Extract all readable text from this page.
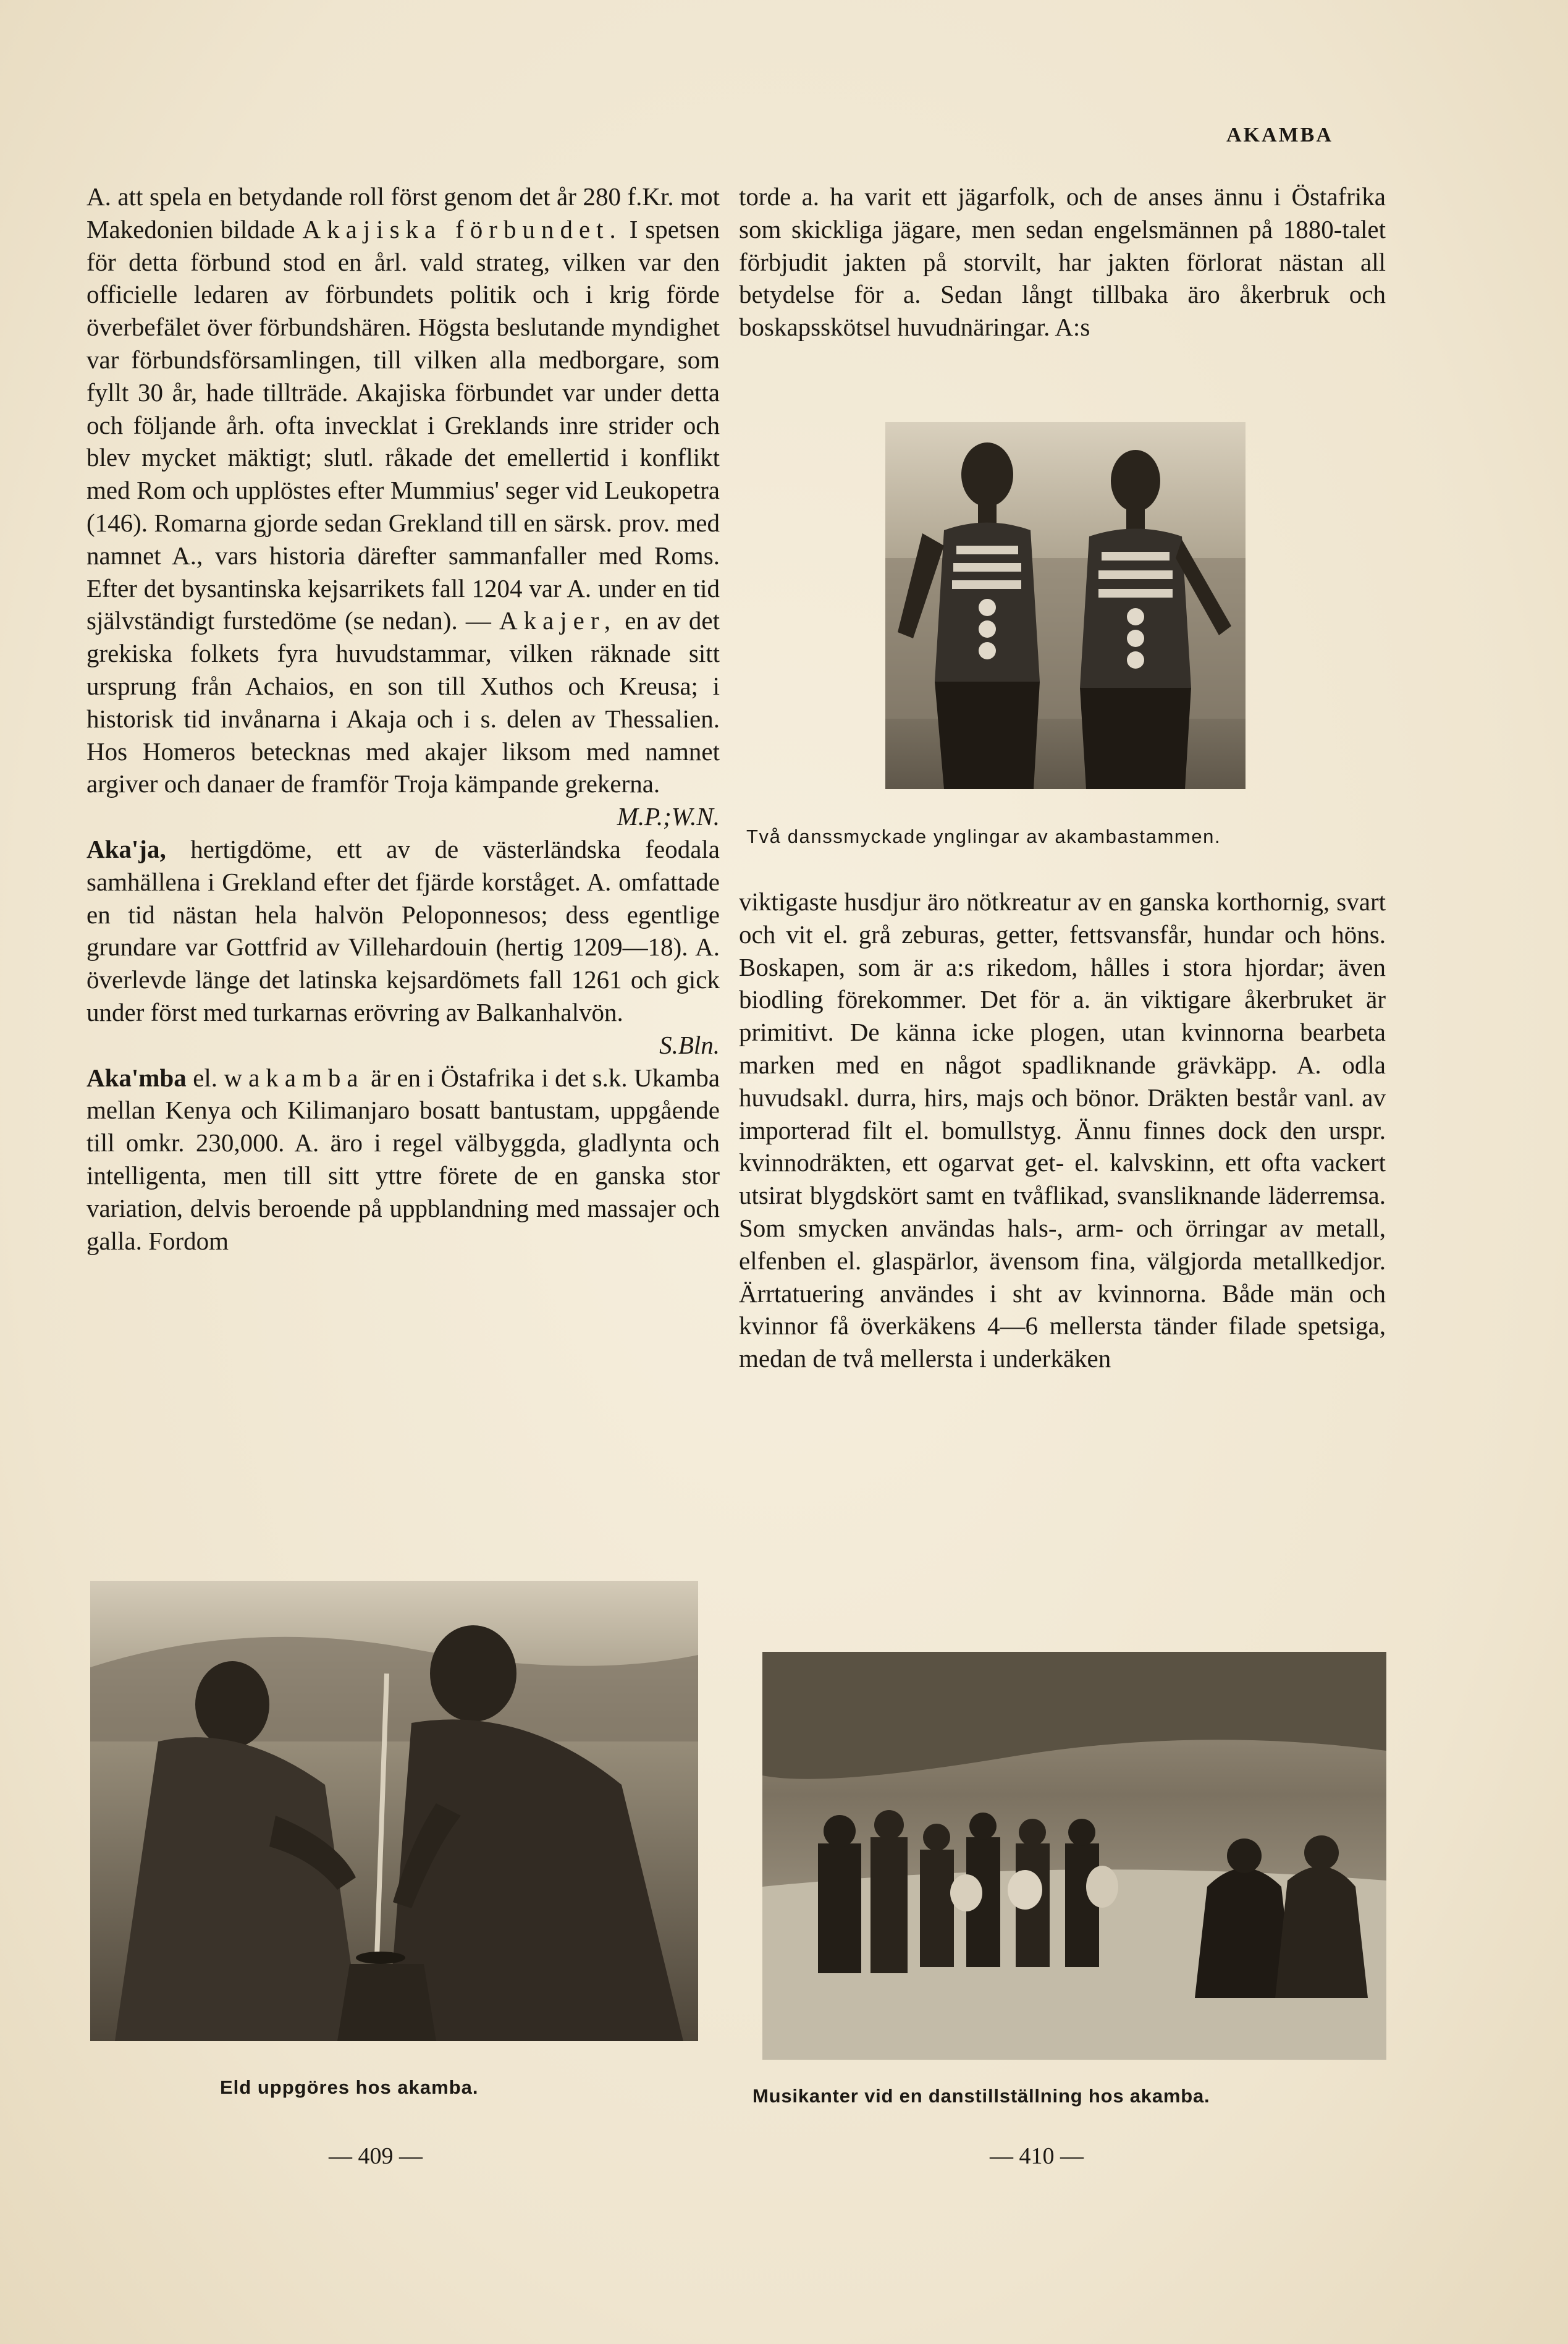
AKAMBA

A. att spela en betydande roll först genom det år 280 f.Kr. mot Makedonien bildade Akajiska förbundet. I spetsen för detta förbund stod en årl. vald strateg, vilken var den officielle ledaren av förbundets politik och i krig förde överbefälet över förbundshären. Högsta beslutande myndighet var förbundsförsamlingen, till vilken alla medborgare, som fyllt 30 år, hade tillträde. Akajiska förbundet var under detta och följande årh. ofta invecklat i Greklands inre strider och blev mycket mäktigt; slutl. råkade det emellertid i konflikt med Rom och upplöstes efter Mummius' seger vid Leukopetra (146). Romarna gjorde sedan Grekland till en särsk. prov. med namnet A., vars historia därefter sammanfaller med Roms. Efter det bysantinska kejsarrikets fall 1204 var A. under en tid självständigt furstedöme (se nedan). — Akajer, en av det grekiska folkets fyra huvudstammar, vilken räknade sitt ursprung från Achaios, en son till Xuthos och Kreusa; i historisk tid invånarna i Akaja och i s. delen av Thessalien. Hos Homeros betecknas med akajer liksom med namnet argiver och danaer de framför Troja kämpande grekerna.

M.P.;W.N.

Aka'ja, hertigdöme, ett av de västerländska feodala samhällena i Grekland efter det fjärde korståget. A. omfattade en tid nästan hela halvön Peloponnesos; dess egentlige grundare var Gottfrid av Villehardouin (hertig 1209—18). A. överlevde länge det latinska kejsardömets fall 1261 och gick under först med turkarnas erövring av Balkanhalvön.

S.Bln.

Aka'mba el. wakamba är en i Östafrika i det s.k. Ukamba mellan Kenya och Kilimanjaro bosatt bantustam, uppgående till omkr. 230,000. A. äro i regel välbyggda, gladlynta och intelligenta, men till sitt yttre förete de en ganska stor variation, delvis beroende på uppblandning med massajer och galla. Fordom

torde a. ha varit ett jägarfolk, och de anses ännu i Östafrika som skickliga jägare, men sedan engelsmännen på 1880-talet förbjudit jakten på storvilt, har jakten förlorat nästan all betydelse för a. Sedan långt tillbaka äro åkerbruk och boskapsskötsel huvudnäringar. A:s

Två danssmyckade ynglingar av akambastammen.

viktigaste husdjur äro nötkreatur av en ganska korthornig, svart och vit el. grå zeburas, getter, fettsvansfår, hundar och höns. Boskapen, som är a:s rikedom, hålles i stora hjordar; även biodling förekommer. Det för a. än viktigare åkerbruket är primitivt. De känna icke plogen, utan kvinnorna bearbeta marken med en något spadliknande grävkäpp. A. odla huvudsakl. durra, hirs, majs och bönor. Dräkten består vanl. av importerad filt el. bomullstyg. Ännu finnes dock den urspr. kvinnodräkten, ett ogarvat get- el. kalvskinn, ett ofta vackert utsirat blygdskört samt en tvåflikad, svansliknande läderremsa. Som smycken användas hals-, arm- och örringar av metall, elfenben el. glaspärlor, ävensom fina, välgjorda metallkedjor. Ärrtatuering användes i sht av kvinnorna. Både män och kvinnor få överkäkens 4—6 mellersta tänder filade spetsiga, medan de två mellersta i underkäken

Eld uppgöres hos akamba.	Musikanter vid en danstillställning hos akamba.
— 409 —	— 410 —
